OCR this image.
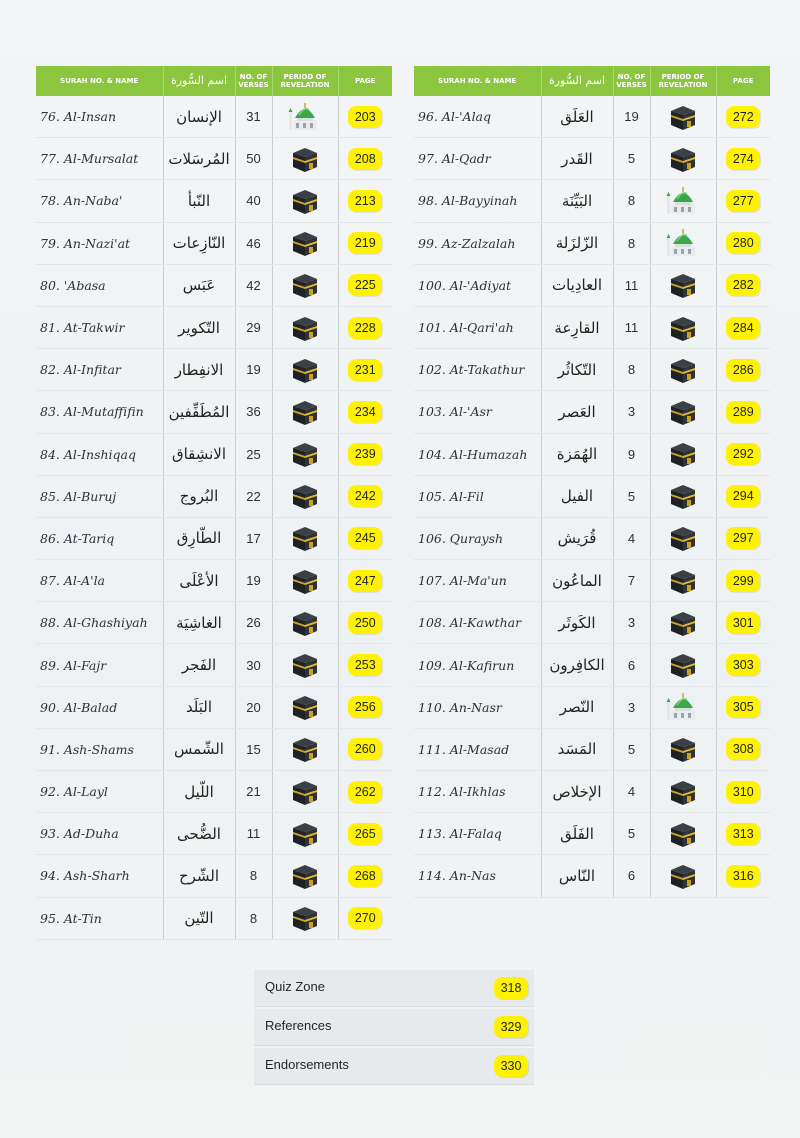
SURAH NO. & NAME	اسم السُّورة	NO. OF VERSES	PERIOD OF REVELATION	PAGE
76. Al-Insan	الإنسان	31		203
77. Al-Mursalat	المُرسَلات	50		208
78. An-Naba'	النّبأ	40		213
79. An-Nazi'at	النّازِعات	46		219
80. 'Abasa	عَبَس	42		225
81. At-Takwir	التّكوير	29		228
82. Al-Infitar	الانفِطار	19		231
83. Al-Mutaffifin	المُطَفِّفين	36		234
84. Al-Inshiqaq	الانشِقاق	25		239
85. Al-Buruj	البُروج	22		242
86. At-Tariq	الطّارِق	17		245
87. Al-A'la	الأعْلَى	19		247
88. Al-Ghashiyah	الغاشِيَة	26		250
89. Al-Fajr	الفَجر	30		253
90. Al-Balad	البَلَد	20		256
91. Ash-Shams	الشّمس	15		260
92. Al-Layl	اللّيل	21		262
93. Ad-Duha	الضُّحى	11		265
94. Ash-Sharh	الشّرح	8		268
95. At-Tin	التّين	8		270
SURAH NO. & NAME	اسم السُّورة	NO. OF VERSES	PERIOD OF REVELATION	PAGE
96. Al-'Alaq	العَلَق	19		272
97. Al-Qadr	القَدر	5		274
98. Al-Bayyinah	البَيِّنَة	8		277
99. Az-Zalzalah	الزّلزَلة	8		280
100. Al-'Adiyat	العادِيات	11		282
101. Al-Qari'ah	القارِعة	11		284
102. At-Takathur	التّكاثُر	8		286
103. Al-'Asr	العَصر	3		289
104. Al-Humazah	الهُمَزة	9		292
105. Al-Fil	الفيل	5		294
106. Quraysh	قُرَيش	4		297
107. Al-Ma'un	الماعُون	7		299
108. Al-Kawthar	الكَوثَر	3		301
109. Al-Kafirun	الكافِرون	6		303
110. An-Nasr	النّصر	3		305
111. Al-Masad	المَسَد	5		308
112. Al-Ikhlas	الإخلاص	4		310
113. Al-Falaq	الفَلَق	5		313
114. An-Nas	النّاس	6		316
Quiz Zone	318
References	329
Endorsements	330
